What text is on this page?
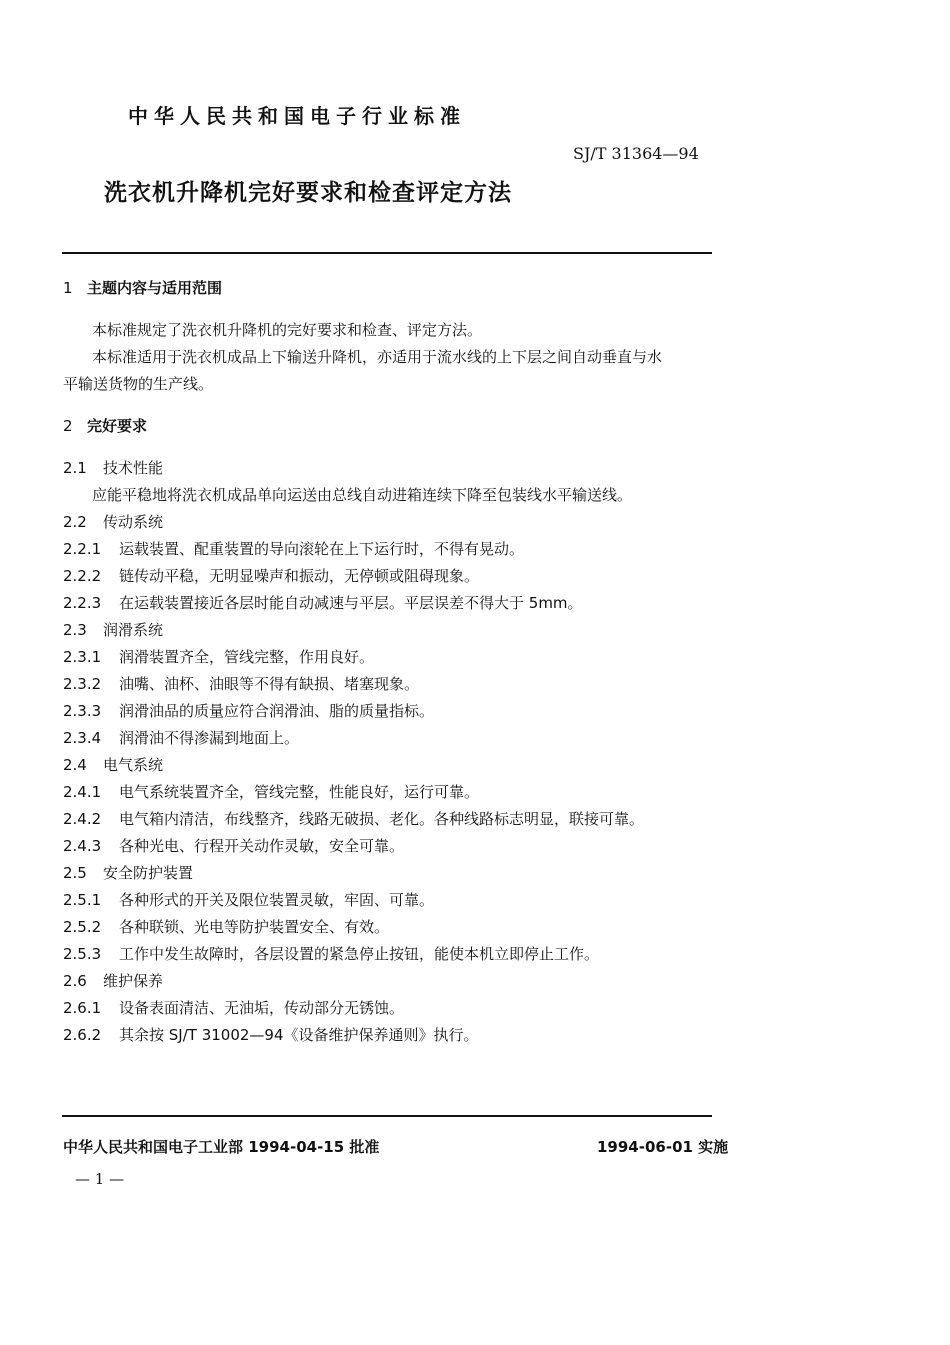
中华人民共和国电子行业标准
SJ/T 31364—94
洗衣机升降机完好要求和检查评定方法
1 主题内容与适用范围
本标准规定了洗衣机升降机的完好要求和检查、评定方法。
本标准适用于洗衣机成品上下输送升降机，亦适用于流水线的上下层之间自动垂直与水
平输送货物的生产线。
2 完好要求
2.1 技术性能
应能平稳地将洗衣机成品单向运送由总线自动进箱连续下降至包装线水平输送线。
2.2 传动系统
2.2.1 运载装置、配重装置的导向滚轮在上下运行时，不得有晃动。
2.2.2 链传动平稳，无明显噪声和振动，无停顿或阻碍现象。
2.2.3 在运载装置接近各层时能自动减速与平层。平层误差不得大于 5mm。
2.3 润滑系统
2.3.1 润滑装置齐全，管线完整，作用良好。
2.3.2 油嘴、油杯、油眼等不得有缺损、堵塞现象。
2.3.3 润滑油品的质量应符合润滑油、脂的质量指标。
2.3.4 润滑油不得渗漏到地面上。
2.4 电气系统
2.4.1 电气系统装置齐全，管线完整，性能良好，运行可靠。
2.4.2 电气箱内清洁，布线整齐，线路无破损、老化。各种线路标志明显，联接可靠。
2.4.3 各种光电、行程开关动作灵敏，安全可靠。
2.5 安全防护装置
2.5.1 各种形式的开关及限位装置灵敏，牢固、可靠。
2.5.2 各种联锁、光电等防护装置安全、有效。
2.5.3 工作中发生故障时，各层设置的紧急停止按钮，能使本机立即停止工作。
2.6 维护保养
2.6.1 设备表面清洁、无油垢，传动部分无锈蚀。
2.6.2 其余按 SJ/T 31002—94《设备维护保养通则》执行。
中华人民共和国电子工业部 1994-04-15 批准	1994-06-01 实施
— 1 —
